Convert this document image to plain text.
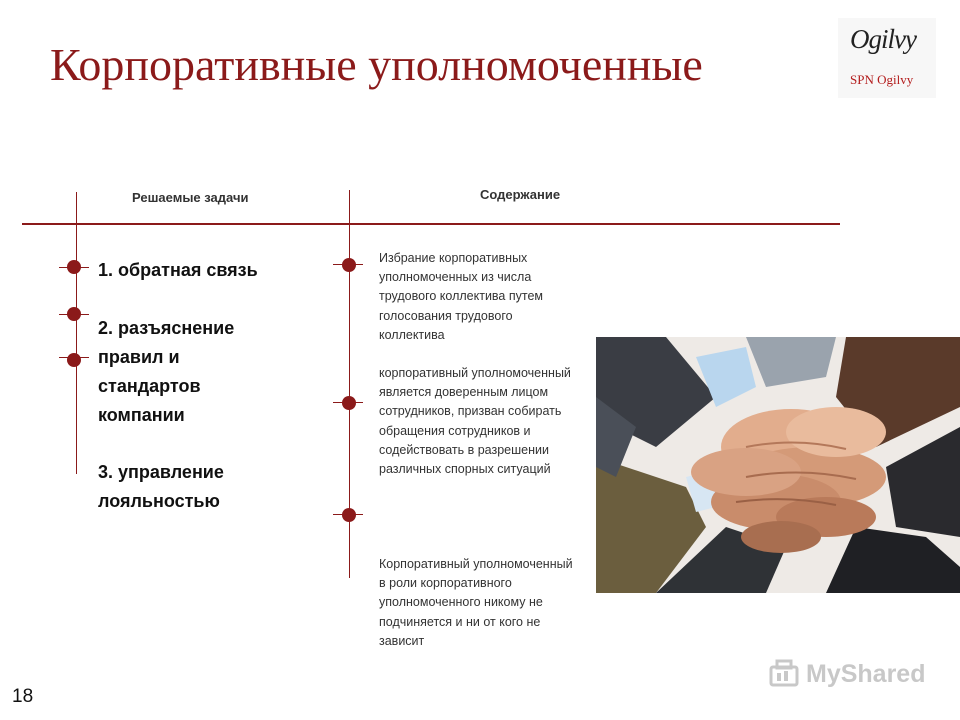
Корпоративные уполномоченные	Ogilvy
SPN Ogilvy
Решаемые задачи	Содержание
1. обратная связь
2. разъяснение правил и стандартов компании
3. управление лояльностью
Избрание корпоративных уполномоченных из числа трудового коллектива путем голосования трудового коллектива
корпоративный уполномоченный является доверенным лицом сотрудников, призван собирать обращения сотрудников и содействовать в разрешении различных спорных ситуаций
Корпоративный уполномоченный в роли корпоративного уполномоченного никому не подчиняется и ни от кого не зависит
18
MyShared
